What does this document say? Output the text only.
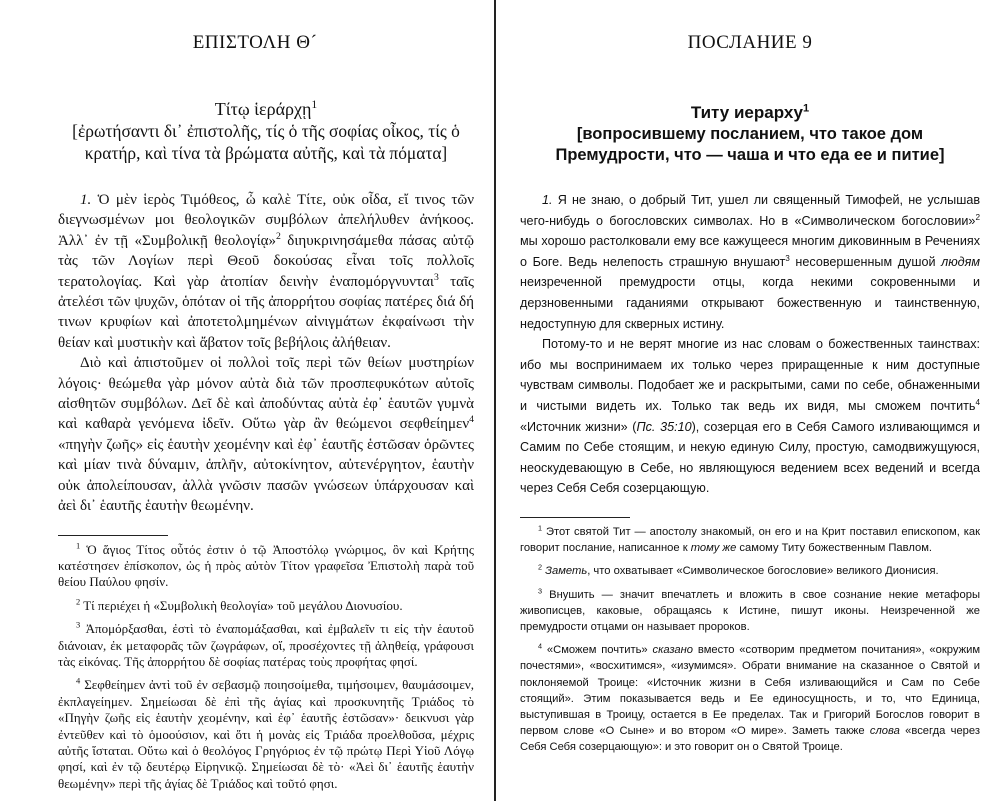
ΕΠΙΣΤΟΛΗ Θ´
Τίτῳ ἱεράρχῃ$^1$
[ἐρωτήσαντι δι᾽ ἐπιστολῆς, τίς ὁ τῆς σοφίας οἶκος, τίς ὁ κρατήρ, καὶ τίνα τὰ βρώματα αὐτῆς, καὶ τὰ πόματα]

1. Ὁ μὲν ἱερὸς Τιμόθεος, ὦ καλὲ Τίτε, οὐκ οἶδα, εἴ τινος τῶν διεγνωσμένων μοι θεολογικῶν συμβόλων ἀπελήλυθεν ἀνήκοος. Ἀλλ᾽ ἐν τῇ «Συμβολικῇ θεολογίᾳ»$^2$ διηυκρινησάμεθα πάσας αὐτῷ τὰς τῶν Λογίων περὶ Θεοῦ δοκούσας εἶναι τοῖς πολλοῖς τερατολογίας. Καὶ γὰρ ἀτοπίαν δεινὴν ἐναπομόργνυνται$^3$ ταῖς ἀτελέσι τῶν ψυχῶν, ὁπόταν οἱ τῆς ἀπορρήτου σοφίας πατέρες διά δή τινων κρυφίων καὶ ἀποτετολμημένων αἰνιγμάτων ἐκφαίνωσι τὴν θείαν καὶ μυστικὴν καὶ ἄβατον τοῖς βεβήλοις ἀλήθειαν.

Διὸ καὶ ἀπιστοῦμεν οἱ πολλοὶ τοῖς περὶ τῶν θείων μυστηρίων λόγοις· θεώμεθα γὰρ μόνον αὐτὰ διὰ τῶν προσπεφυκότων αὐτοῖς αἰσθητῶν συμβόλων. Δεῖ δὲ καὶ ἀποδύντας αὐτὰ ἐφ᾽ ἑαυτῶν γυμνὰ καὶ καθαρὰ γενόμενα ἰδεῖν. Οὕτω γὰρ ἂν θεώμενοι σεφθείημεν$^4$ «πηγὴν ζωῆς» εἰς ἑαυτὴν χεομένην καὶ ἐφ᾽ ἑαυτῆς ἑστῶσαν ὁρῶντες καὶ μίαν τινὰ δύναμιν, ἁπλῆν, αὐτοκίνητον, αὐτενέργητον, ἑαυτὴν οὐκ ἀπολείπουσαν, ἀλλὰ γνῶσιν πασῶν γνώσεων ὑπάρχουσαν καὶ ἀεὶ δι᾽ ἑαυτῆς ἑαυτὴν θεωμένην.

$^1$ Ὁ ἅγιος Τίτος οὗτός ἐστιν ὁ τῷ Ἀποστόλῳ γνώριμος, ὃν καὶ Κρήτης κατέστησεν ἐπίσκοπον, ὡς ἡ πρὸς αὐτὸν Τίτον γραφεῖσα Ἐπιστολὴ παρὰ τοῦ θείου Παύλου φησίν.

$^2$ Τί περιέχει ἡ «Συμβολικὴ θεολογία» τοῦ μεγάλου Διονυσίου.

$^3$ Ἀπομόρξασθαι, ἐστὶ τὸ ἐναπομάξασθαι, καὶ ἐμβαλεῖν τι εἰς τὴν ἑαυτοῦ διάνοιαν, ἐκ μεταφορᾶς τῶν ζωγράφων, οἵ, προσέχοντες τῇ ἀληθείᾳ, γράφουσι τὰς εἰκόνας. Τῆς ἀπορρήτου δὲ σοφίας πατέρας τοὺς προφήτας φησί.

$^4$ Σεφθείημεν ἀντὶ τοῦ ἐν σεβασμῷ ποιησοίμεθα, τιμήσοιμεν, θαυμάσοιμεν, ἐκπλαγείημεν. Σημείωσαι δὲ ἐπὶ τῆς ἁγίας καὶ προσκυνητῆς Τριάδος τὸ «Πηγὴν ζωῆς εἰς ἑαυτὴν χεομένην, καὶ ἐφ᾽ ἑαυτῆς ἑστῶσαν»· δεικνυσι γὰρ ἐντεῦθεν καὶ τὸ ὁμοούσιον, καὶ ὅτι ἡ μονὰς εἰς Τριάδα προελθοῦσα, μέχρις αὐτῆς ἵσταται. Οὕτω καὶ ὁ θεολόγος Γρηγόριος ἐν τῷ πρώτῳ Περὶ Υἱοῦ Λόγῳ φησί, καὶ ἐν τῷ δευτέρῳ Εἰρηνικῷ. Σημείωσαι δὲ τὸ· «Ἀεὶ δι᾽ ἑαυτῆς ἑαυτὴν θεωμένην» περὶ τῆς ἁγίας δὲ Τριάδος καὶ τοῦτό φησι.

ПОСЛАНИЕ 9
Титу иерарху$^1$
[вопросившему посланием, что такое дом Премудрости, что — чаша и что еда ее и питие]

1. Я не знаю, о добрый Тит, ушел ли священный Тимофей, не услышав чего-нибудь о богословских символах. Но в «Символическом богословии»$^2$ мы хорошо растолковали ему все кажущееся многим диковинным в Речениях о Боге. Ведь нелепость страшную внушают$^3$ несовершенным душой людям неизреченной премудрости отцы, когда некими сокровенными и дерзновенными гаданиями открывают божественную и таинственную, недоступную для скверных истину.

Потому-то и не верят многие из нас словам о божественных таинствах: ибо мы воспринимаем их только через приращенные к ним доступные чувствам символы. Подобает же и раскрытыми, сами по себе, обнаженными и чистыми видеть их. Только так ведь их видя, мы сможем почтить$^4$ «Источник жизни» (Пс. 35:10), созерцая его в Себя Самого изливающимся и Самим по Себе стоящим, и некую единую Силу, простую, самодвижущуюся, неоскудевающую в Себе, но являющуюся ведением всех ведений и всегда через Себя Себя созерцающую.

$^1$ Этот святой Тит — апостолу знакомый, он его и на Крит поставил епископом, как говорит послание, написанное к тому же самому Титу божественным Павлом.

$^2$ Заметь, что охватывает «Символическое богословие» великого Дионисия.

$^3$ Внушить — значит впечатлеть и вложить в свое сознание некие метафоры живописцев, каковые, обращаясь к Истине, пишут иконы. Неизреченной же премудрости отцами он называет пророков.

$^4$ «Сможем почтить» сказано вместо «сотворим предметом почитания», «окружим почестями», «восхитимся», «изумимся». Обрати внимание на сказанное о Святой и поклоняемой Троице: «Источник жизни в Себя изливающийся и Сам по Себе стоящий». Этим показывается ведь и Ее единосущность, и то, что Единица, выступившая в Троицу, остается в Ее пределах. Так и Григорий Богослов говорит в первом слове «О Сыне» и во втором «О мире». Заметь также слова «всегда через Себя Себя созерцающую»: и это говорит он о Святой Троице.
